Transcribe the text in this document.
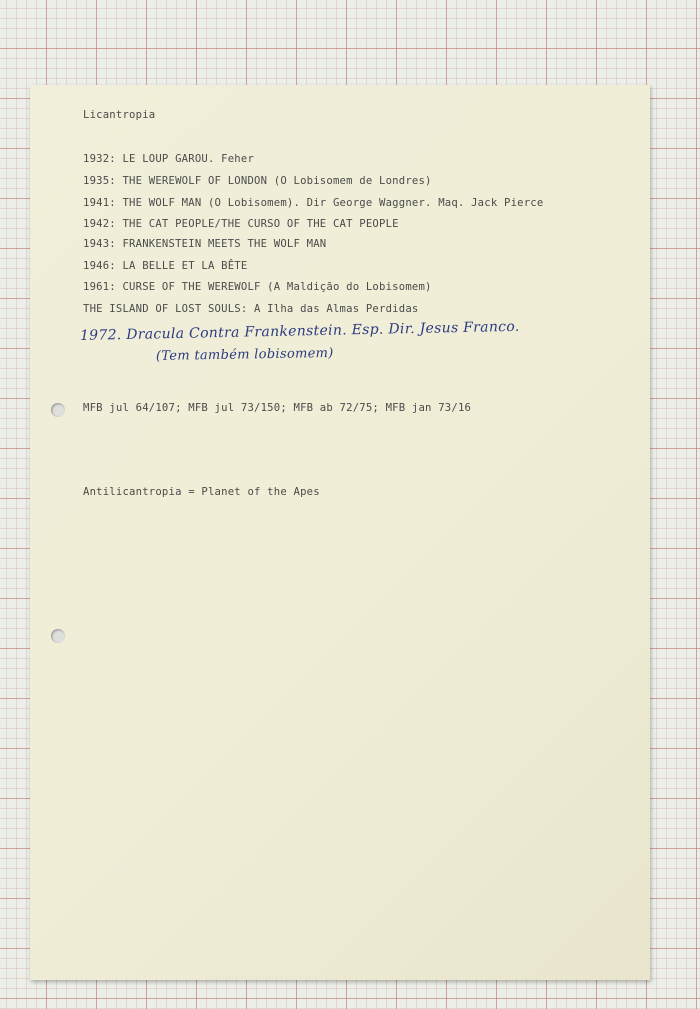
Licantropia

1932: LE LOUP GAROU. Feher
1935: THE WEREWOLF OF LONDON (O Lobisomem de Londres)
1941: THE WOLF MAN (O Lobisomem). Dir George Waggner. Maq. Jack Pierce
1942: THE CAT PEOPLE/THE CURSO OF THE CAT PEOPLE
1943: FRANKENSTEIN MEETS THE WOLF MAN
1946: LA BELLE ET LA BÊTE
1961: CURSE OF THE WEREWOLF (A Maldição do Lobisomem)

THE ISLAND OF LOST SOULS: A Ilha das Almas Perdidas

1972. Dracula Contra Frankenstein. Esp. Dir. Jesus Franco.

(Tem também lobisomem)

MFB jul 64/107; MFB jul 73/150; MFB ab 72/75; MFB jan 73/16

Antilicantropia = Planet of the Apes
